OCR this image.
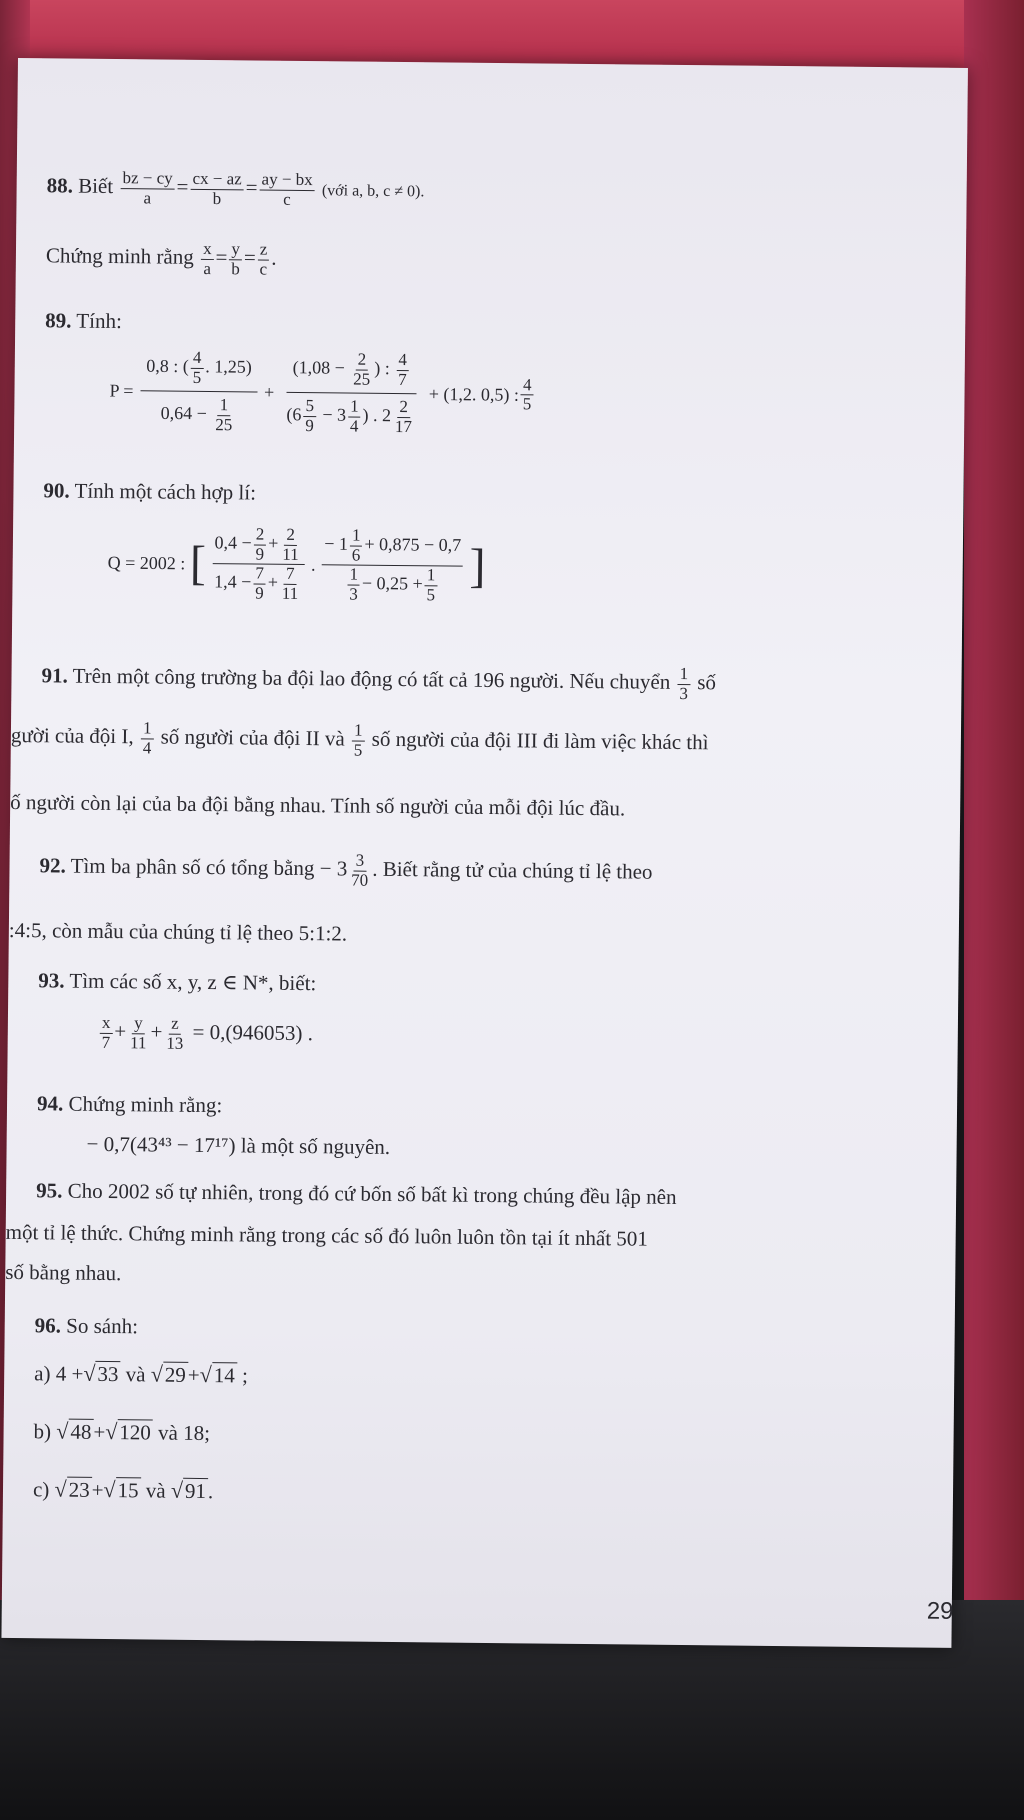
88. Biết $\frac{bz - cy}{a} = \frac{cx - az}{b} = \frac{ay - bx}{c}$ (với a, b, c ≠ 0).
Chứng minh rằng $\frac{x}{a} = \frac{y}{b} = \frac{z}{c}$ .
89. Tính:
$P = \frac{0,8 : ( \frac{4}{5} . 1,25)}{0,64 - \frac{1}{25}} + \frac{(1,08 - \frac{2}{25} ) : \frac{4}{7}}{(6 \frac{5}{9} - 3 \frac{1}{4} ) . 2 \frac{2}{17}} + (1,2$. 0,5) : $\frac{4}{5}$
90. Tính một cách hợp lí:
Q = 2002 : [ $\frac{0,4 - \frac{2}{9} + \frac{2}{11}}{1,4 - \frac{7}{9} + \frac{7}{11}}$ . $\frac{- 1 \frac{1}{6} + 0,875 - 0,7}{\frac{1}{3} - 0,25 + \frac{1}{5}}$ ]
91. Trên một công trường ba đội lao động có tất cả 196 người. Nếu chuyển $\frac{1}{3}$ số
gười của đội I, $\frac{1}{4}$ số người của đội II và $\frac{1}{5}$ số người của đội III đi làm việc khác thì
ố người còn lại của ba đội bằng nhau. Tính số người của mỗi đội lúc đầu.
92. Tìm ba phân số có tổng bằng − $3 \frac{3}{70}$ . Biết rằng tử của chúng tỉ lệ theo
:4:5, còn mẫu của chúng tỉ lệ theo 5:1:2.
93. Tìm các số x, y, z ∈ N*, biết:
$\frac{x}{7} + \frac{y}{11} + \frac{z}{13} = 0,(946053)$ .
94. Chứng minh rằng:
− 0,7(43⁴³ − 17¹⁷) là một số nguyên.
95. Cho 2002 số tự nhiên, trong đó cứ bốn số bất kì trong chúng đều lập nên
một tỉ lệ thức. Chứng minh rằng trong các số đó luôn luôn tồn tại ít nhất 501
số bằng nhau.
96. So sánh:
a) 4 +√33 và √29+√14 ;
b) √48+√120 và 18;
c) √23+√15 và √91.
29
